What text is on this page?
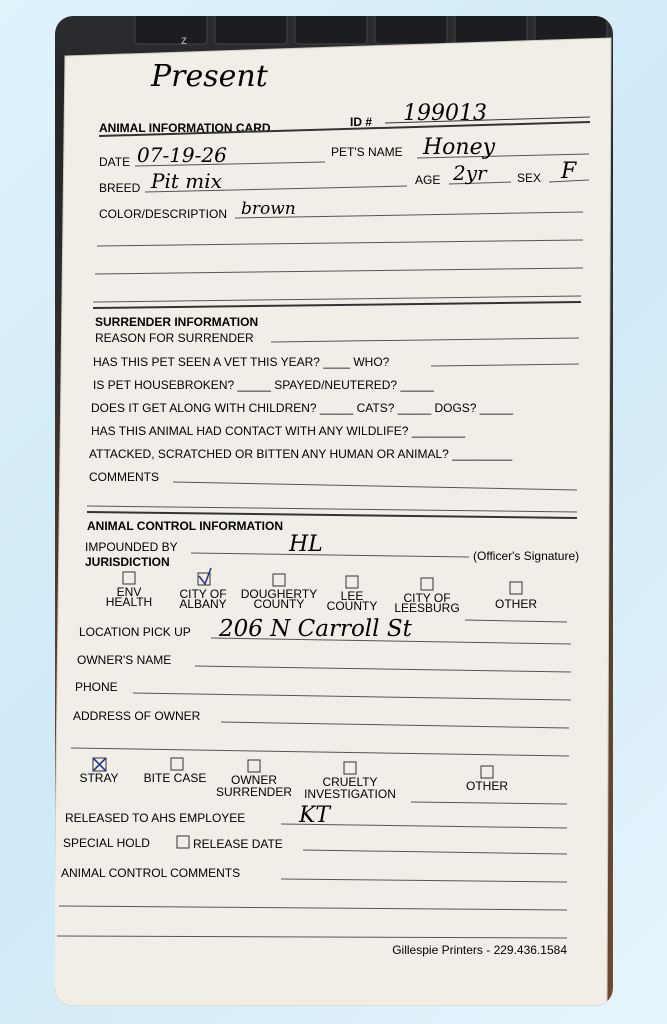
z
Present
ANIMAL INFORMATION CARD	ID # 199013
DATE 07-19-26	PET'S NAME Honey
BREED Pit mix	AGE 2yr	SEX F
COLOR/DESCRIPTION brown
SURRENDER INFORMATION
REASON FOR SURRENDER
HAS THIS PET SEEN A VET THIS YEAR? ____ WHO?
IS PET HOUSEBROKEN? _____ SPAYED/NEUTERED? _____
DOES IT GET ALONG WITH CHILDREN? _____ CATS? _____ DOGS? _____
HAS THIS ANIMAL HAD CONTACT WITH ANY WILDLIFE? ________
ATTACKED, SCRATCHED OR BITTEN ANY HUMAN OR ANIMAL? _________
COMMENTS
ANIMAL CONTROL INFORMATION
IMPOUNDED BY	HL	(Officer's Signature)
JURISDICTION
ENV
HEALTH
CITY OF
ALBANY
DOUGHERTY
COUNTY
LEE
COUNTY
CITY OF
LEESBURG	OTHER
LOCATION PICK UP 206 N Carroll St
OWNER'S NAME
PHONE
ADDRESS OF OWNER
STRAY BITE CASE OWNER
SURRENDER
CRUELTY
INVESTIGATION
OTHER
RELEASED TO AHS EMPLOYEE KT
SPECIAL HOLD	RELEASE DATE
ANIMAL CONTROL COMMENTS
Gillespie Printers - 229.436.1584
